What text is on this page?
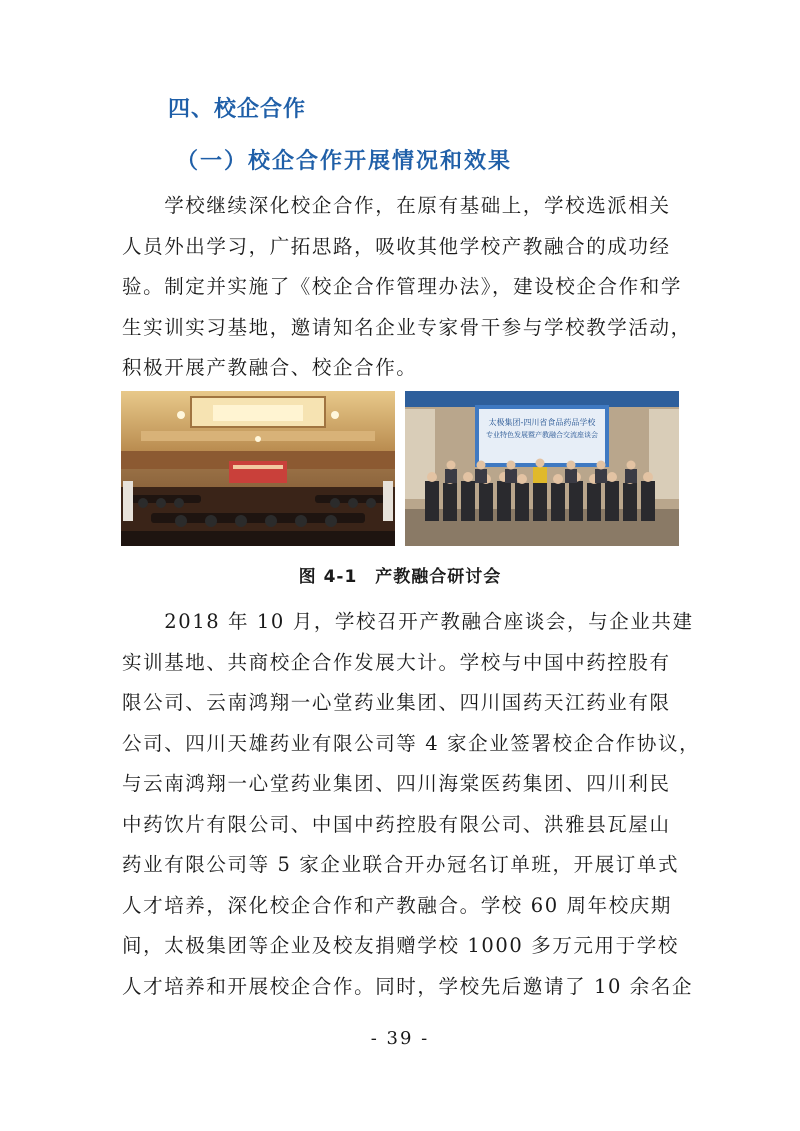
四、校企合作
（一）校企合作开展情况和效果
　　学校继续深化校企合作，在原有基础上，学校选派相关
人员外出学习，广拓思路，吸收其他学校产教融合的成功经
验。制定并实施了《校企合作管理办法》，建设校企合作和学
生实训实习基地，邀请知名企业专家骨干参与学校教学活动，
积极开展产教融合、校企合作。
太极集团-四川省食品药品学校
专业特色发展暨产教融合交流座谈会
图 4-1　产教融合研讨会
　　2018 年 10 月，学校召开产教融合座谈会，与企业共建
实训基地、共商校企合作发展大计。学校与中国中药控股有
限公司、云南鸿翔一心堂药业集团、四川国药天江药业有限
公司、四川天雄药业有限公司等 4 家企业签署校企合作协议，
与云南鸿翔一心堂药业集团、四川海棠医药集团、四川利民
中药饮片有限公司、中国中药控股有限公司、洪雅县瓦屋山
药业有限公司等 5 家企业联合开办冠名订单班，开展订单式
人才培养，深化校企合作和产教融合。学校 60 周年校庆期
间，太极集团等企业及校友捐赠学校 1000 多万元用于学校
人才培养和开展校企合作。同时，学校先后邀请了 10 余名企
- 39 -
